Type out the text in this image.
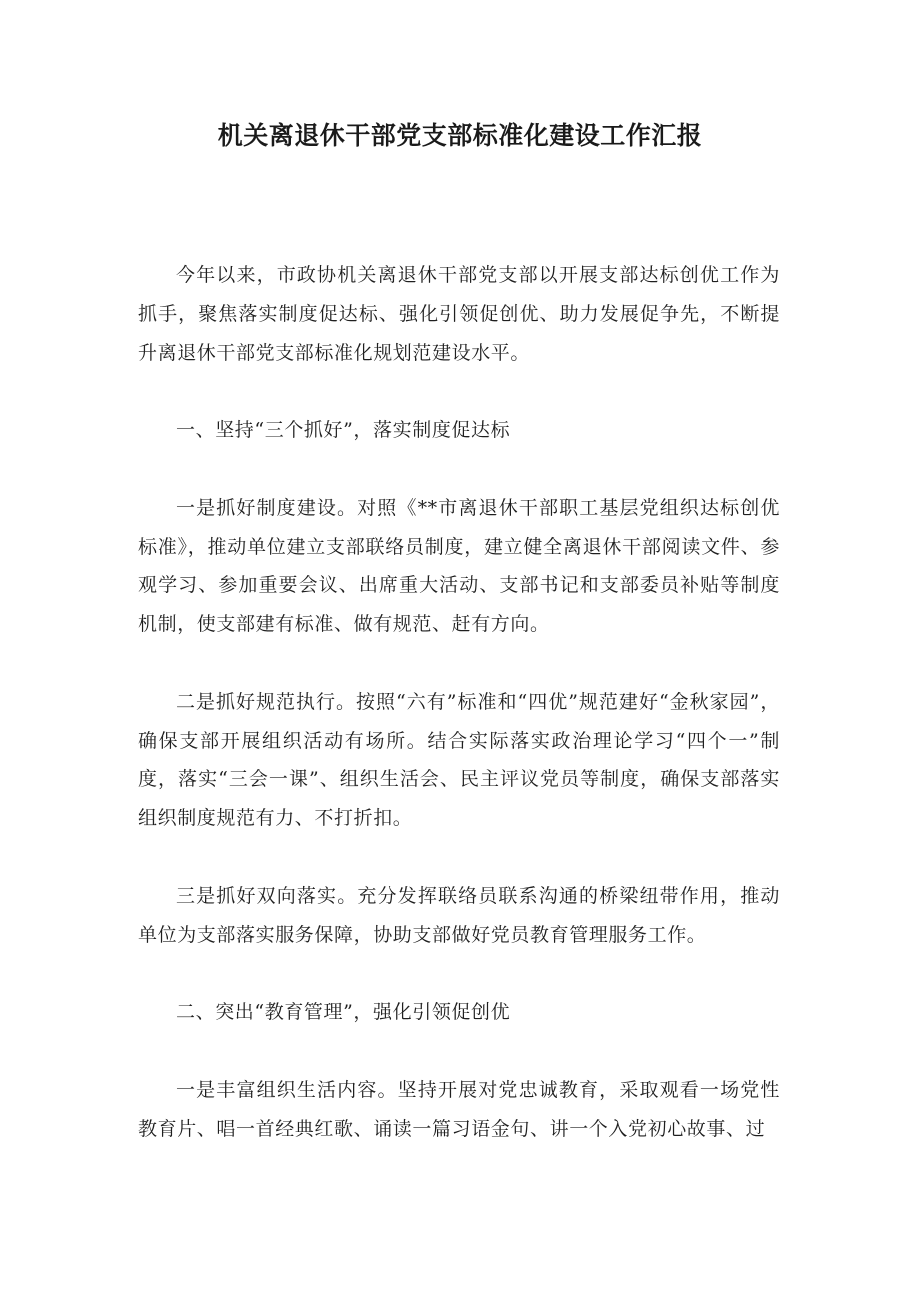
机关离退休干部党支部标准化建设工作汇报

今年以来，市政协机关离退休干部党支部以开展支部达标创优工作为抓手，聚焦落实制度促达标、强化引领促创优、助力发展促争先，不断提升离退休干部党支部标准化规划范建设水平。

一、坚持“三个抓好”，落实制度促达标

一是抓好制度建设。对照《**市离退休干部职工基层党组织达标创优标准》，推动单位建立支部联络员制度，建立健全离退休干部阅读文件、参观学习、参加重要会议、出席重大活动、支部书记和支部委员补贴等制度机制，使支部建有标准、做有规范、赶有方向。

二是抓好规范执行。按照“六有”标准和“四优”规范建好“金秋家园”，确保支部开展组织活动有场所。结合实际落实政治理论学习“四个一”制度，落实“三会一课”、组织生活会、民主评议党员等制度，确保支部落实组织制度规范有力、不打折扣。

三是抓好双向落实。充分发挥联络员联系沟通的桥梁纽带作用，推动单位为支部落实服务保障，协助支部做好党员教育管理服务工作。

二、突出“教育管理”，强化引领促创优

一是丰富组织生活内容。坚持开展对党忠诚教育，采取观看一场党性教育片、唱一首经典红歌、诵读一篇习语金句、讲一个入党初心故事、过
